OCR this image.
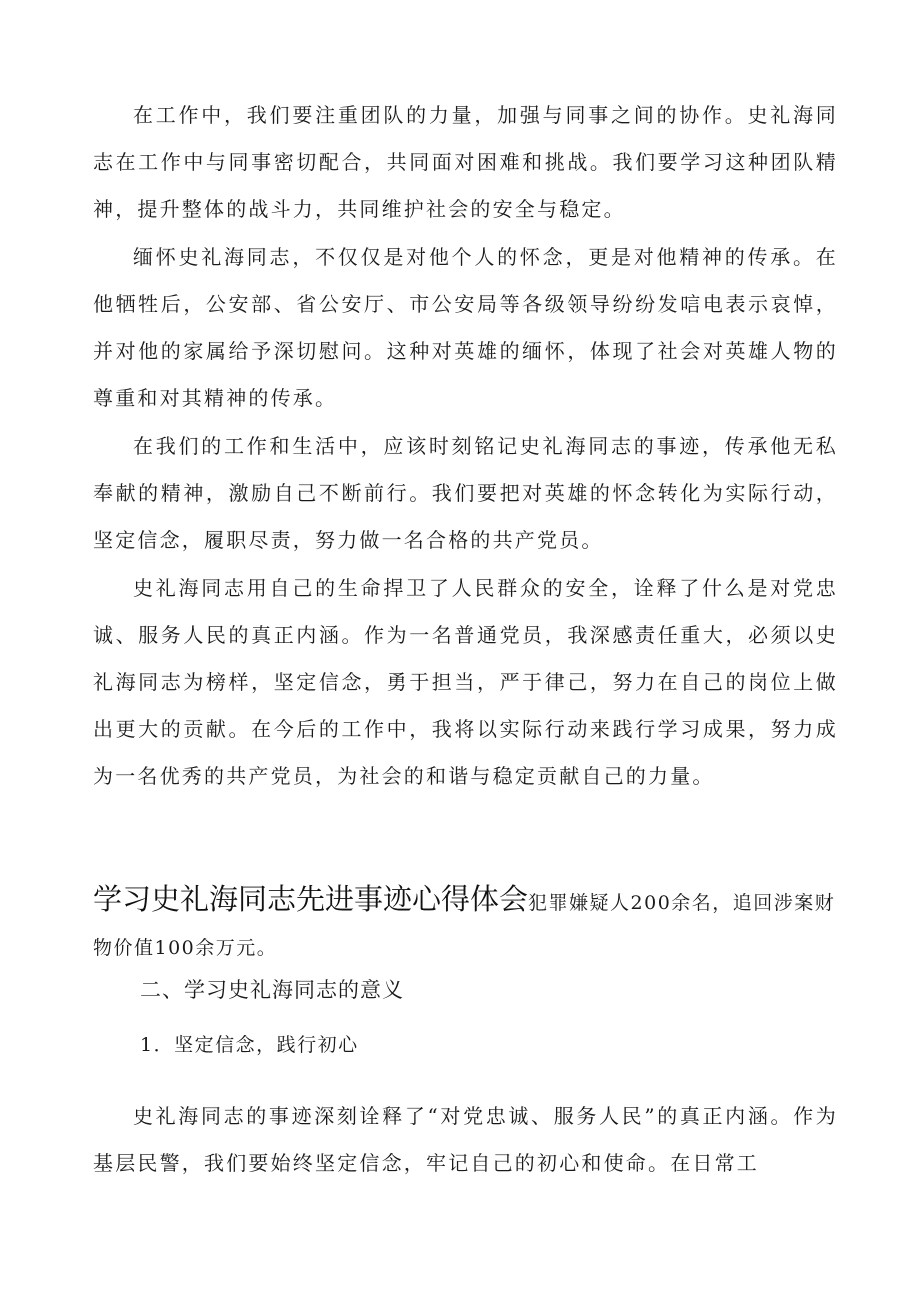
在工作中，我们要注重团队的力量，加强与同事之间的协作。史礼海同志在工作中与同事密切配合，共同面对困难和挑战。我们要学习这种团队精神，提升整体的战斗力，共同维护社会的安全与稳定。

缅怀史礼海同志，不仅仅是对他个人的怀念，更是对他精神的传承。在他牺牲后，公安部、省公安厅、市公安局等各级领导纷纷发唁电表示哀悼，并对他的家属给予深切慰问。这种对英雄的缅怀，体现了社会对英雄人物的尊重和对其精神的传承。

在我们的工作和生活中，应该时刻铭记史礼海同志的事迹，传承他无私奉献的精神，激励自己不断前行。我们要把对英雄的怀念转化为实际行动，坚定信念，履职尽责，努力做一名合格的共产党员。

史礼海同志用自己的生命捍卫了人民群众的安全，诠释了什么是对党忠诚、服务人民的真正内涵。作为一名普通党员，我深感责任重大，必须以史礼海同志为榜样，坚定信念，勇于担当，严于律己，努力在自己的岗位上做出更大的贡献。在今后的工作中，我将以实际行动来践行学习成果，努力成为一名优秀的共产党员，为社会的和谐与稳定贡献自己的力量。

学习史礼海同志先进事迹心得体会犯罪嫌疑人200余名，追回涉案财物价值100余万元。

二、学习史礼海同志的意义
1．坚定信念，践行初心

史礼海同志的事迹深刻诠释了“对党忠诚、服务人民”的真正内涵。作为基层民警，我们要始终坚定信念，牢记自己的初心和使命。在日常工
